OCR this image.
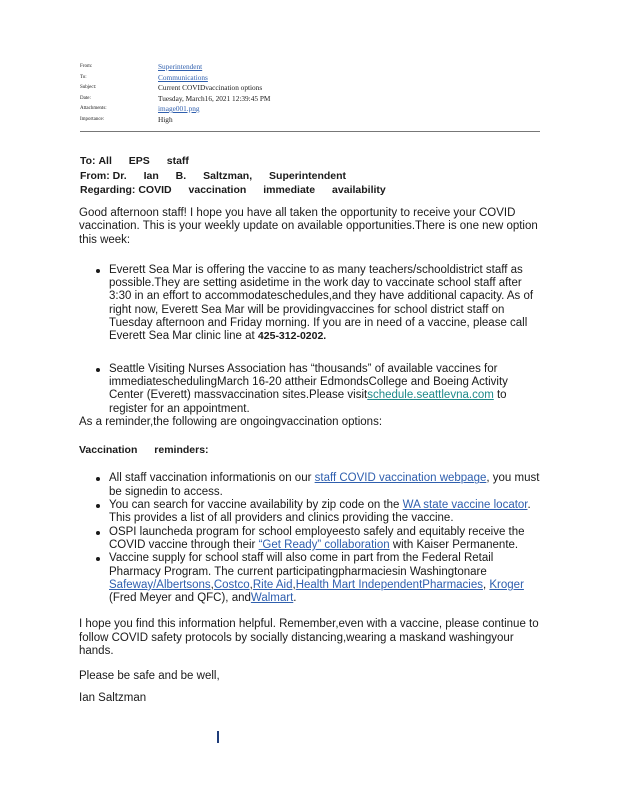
From:	Superintendent
To:	Communications
Subject:	Current COVIDvaccination options
Date:	Tuesday, March16, 2021 12:39:45 PM
Attachments:	image001.png
Importance:	High
To: All EPS staff
From: Dr. Ian B. Saltzman, Superintendent
Regarding: COVID vaccination immediate availability

Good afternoon staff! I hope you have all taken the opportunity to receive your COVID vaccination. This is your weekly update on available opportunities.There is one new option this week:

Everett Sea Mar is offering the vaccine to as many teachers/schooldistrict staff as possible.They are setting asidetime in the work day to vaccinate school staff after 3:30 in an effort to accommodateschedules,and they have additional capacity. As of right now, Everett Sea Mar will be providingvaccines for school district staff on Tuesday afternoon and Friday morning. If you are in need of a vaccine, please call Everett Sea Mar clinic line at 425-312-0202.
Seattle Visiting Nurses Association has “thousands” of available vaccines for immediateschedulingMarch 16-20 attheir EdmondsCollege and Boeing Activity Center (Everett) massvaccination sites.Please visitschedule.seattlevna.com to register for an appointment.

As a reminder,the following are ongoingvaccination options:

Vaccination reminders:

All staff vaccination informationis on our staff COVID vaccination webpage, you must be signedin to access.
You can search for vaccine availability by zip code on the WA state vaccine locator. This provides a list of all providers and clinics providing the vaccine.
OSPI launcheda program for school employeesto safely and equitably receive the COVID vaccine through their “Get Ready” collaboration with Kaiser Permanente.
Vaccine supply for school staff will also come in part from the Federal Retail Pharmacy Program. The current participatingpharmaciesin Washingtonare Safeway/Albertsons,Costco,Rite Aid,Health Mart IndependentPharmacies, Kroger (Fred Meyer and QFC), andWalmart.

I hope you find this information helpful. Remember,even with a vaccine, please continue to follow COVID safety protocols by socially distancing,wearing a maskand washingyour hands.

Please be safe and be well,

Ian Saltzman
